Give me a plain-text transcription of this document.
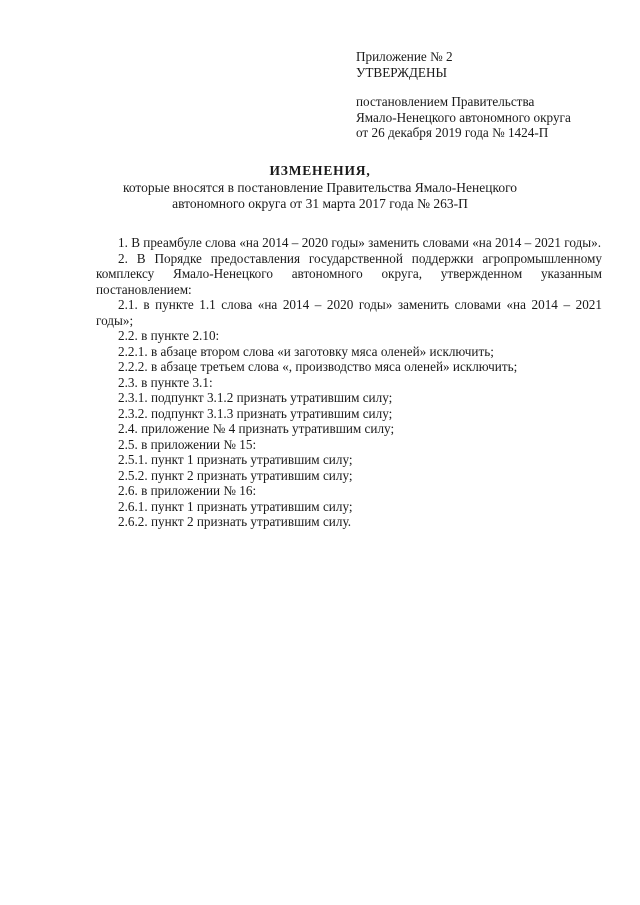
Приложение № 2
УТВЕРЖДЕНЫ
постановлением Правительства
Ямало-Ненецкого автономного округа
от 26 декабря 2019 года № 1424-П
ИЗМЕНЕНИЯ,
которые вносятся в постановление Правительства Ямало-Ненецкого
автономного округа от 31 марта 2017 года № 263-П

1. В преамбуле слова «на 2014 – 2020 годы» заменить словами «на 2014 – 2021 годы».

2. В Порядке предоставления государственной поддержки агропромышленному комплексу Ямало-Ненецкого автономного округа, утвержденном указанным постановлением:

2.1. в пункте 1.1 слова «на 2014 – 2020 годы» заменить словами «на 2014 – 2021 годы»;

2.2. в пункте 2.10:

2.2.1. в абзаце втором слова «и заготовку мяса оленей» исключить;

2.2.2. в абзаце третьем слова «, производство мяса оленей» исключить;

2.3. в пункте 3.1:

2.3.1. подпункт 3.1.2 признать утратившим силу;

2.3.2. подпункт 3.1.3 признать утратившим силу;

2.4. приложение № 4 признать утратившим силу;

2.5. в приложении № 15:

2.5.1. пункт 1 признать утратившим силу;

2.5.2. пункт 2 признать утратившим силу;

2.6. в приложении № 16:

2.6.1. пункт 1 признать утратившим силу;

2.6.2. пункт 2 признать утратившим силу.
